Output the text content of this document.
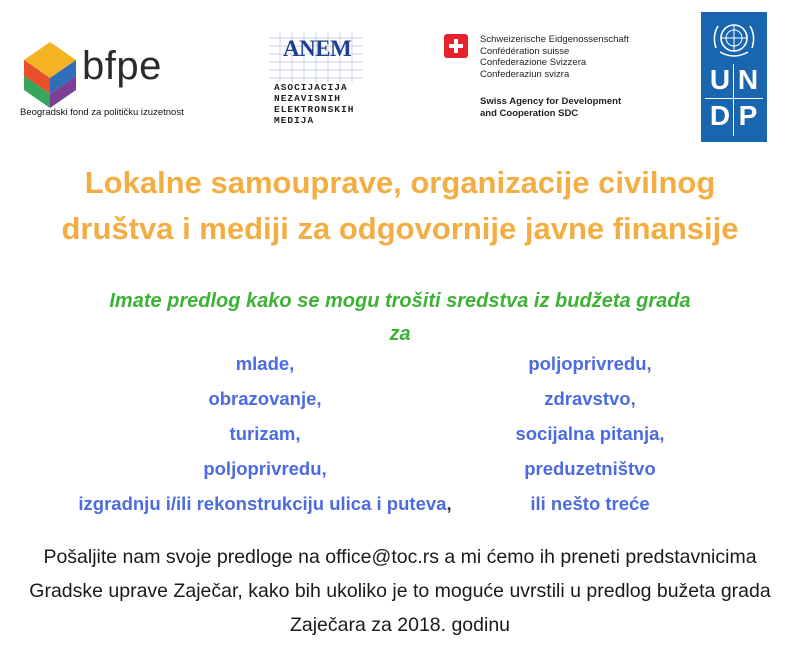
bfpe
Beogradski fond za političku izuzetnost
ANEM
ASOCIJACIJA
NEZAVISNIH
ELEKTRONSKIH
MEDIJA
Schweizerische Eidgenossenschaft
Confédération suisse
Confederazione Svizzera
Confederaziun svizra
Swiss Agency for Development
and Cooperation SDC
U N
D P
Lokalne samouprave, organizacije civilnog
društva i mediji za odgovornije javne finansije
Imate predlog kako se mogu trošiti sredstva iz budžeta grada
za
mlade,
obrazovanje,
turizam,
poljoprivredu,
izgradnju i/ili rekonstrukciju ulica i puteva,
poljoprivredu,
zdravstvo,
socijalna pitanja,
preduzetništvo
ili nešto treće
Pošaljite nam svoje predloge na office@toc.rs a mi ćemo ih preneti predstavnicima
Gradske uprave Zaječar, kako bih ukoliko je to moguće uvrstili u predlog bužeta grada
Zaječara za 2018. godinu
